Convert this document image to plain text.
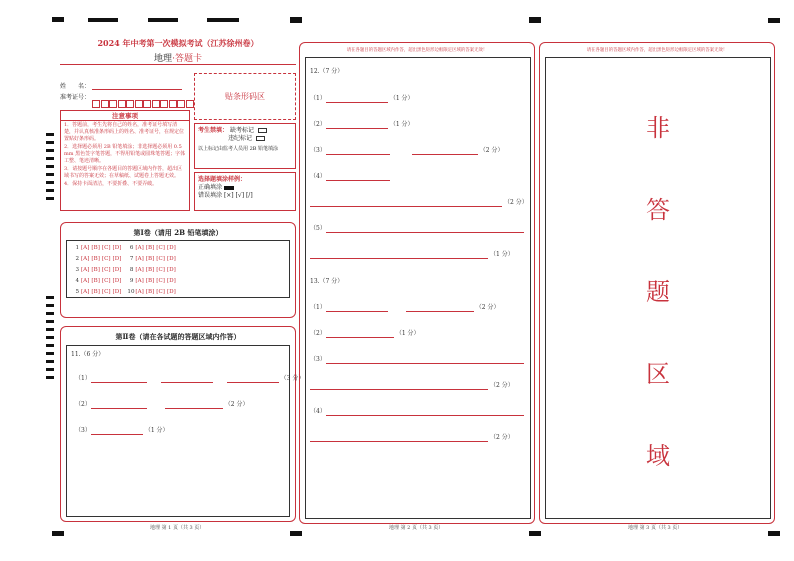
2024 年中考第一次模拟考试（江苏徐州卷）
地理·答题卡
姓　　名：
准考证号：	贴条形码区
注意事项
1．答题前，考生先将自己的姓名，准考证号填写清楚，并认真核准条形码上的姓名、准考证号，在规定位置贴好条形码。
2．选择题必须用 2B 铅笔填涂；非选择题必须用 0.5 mm 黑色签字笔答题，不得用铅笔或圆珠笔答题；字体工整、笔迹清晰。
3．请按题号顺序在各题目的答题区域内作答，超出区域书写的答案无效；在草稿纸、试题卷上答题无效。
4．保持卡面清洁，不要折叠、不要弄破。
考生禁填： 缺考标记
违纪标记
以上标记由监考人员用 2B 铅笔填涂
选择题填涂样例：
正确填涂
错误填涂 [×] [√] [/]
第Ⅰ卷（请用 2B 铅笔填涂）
1 [A] [B] [C] [D] 6 [A] [B] [C] [D]
2 [A] [B] [C] [D] 7 [A] [B] [C] [D]
3 [A] [B] [C] [D] 8 [A] [B] [C] [D]
4 [A] [B] [C] [D] 9 [A] [B] [C] [D]
5 [A] [B] [C] [D] 10[A] [B] [C] [D]
第Ⅱ卷（请在各试题的答题区域内作答）
11.（6 分）
（1）	（3 分）
（2）	（2 分）
（3）	（1 分）
地理 第 1 页（共 3 页）
请在各题目的答题区域内作答，超出黑色矩形边框限定区域的答案无效！
12.（7 分）
（1）	（1 分）
（2）	（1 分）
（3）	（2 分）
（4）
（2 分）
（5）
（1 分）
13.（7 分）
（1）	（2 分）
（2）	（1 分）
（3）
（2 分）
（4）
（2 分）
地理 第 2 页（共 3 页）
请在各题目的答题区域内作答，超出黑色矩形边框限定区域的答案无效！
非
答
题
区
域
地理 第 3 页（共 3 页）
